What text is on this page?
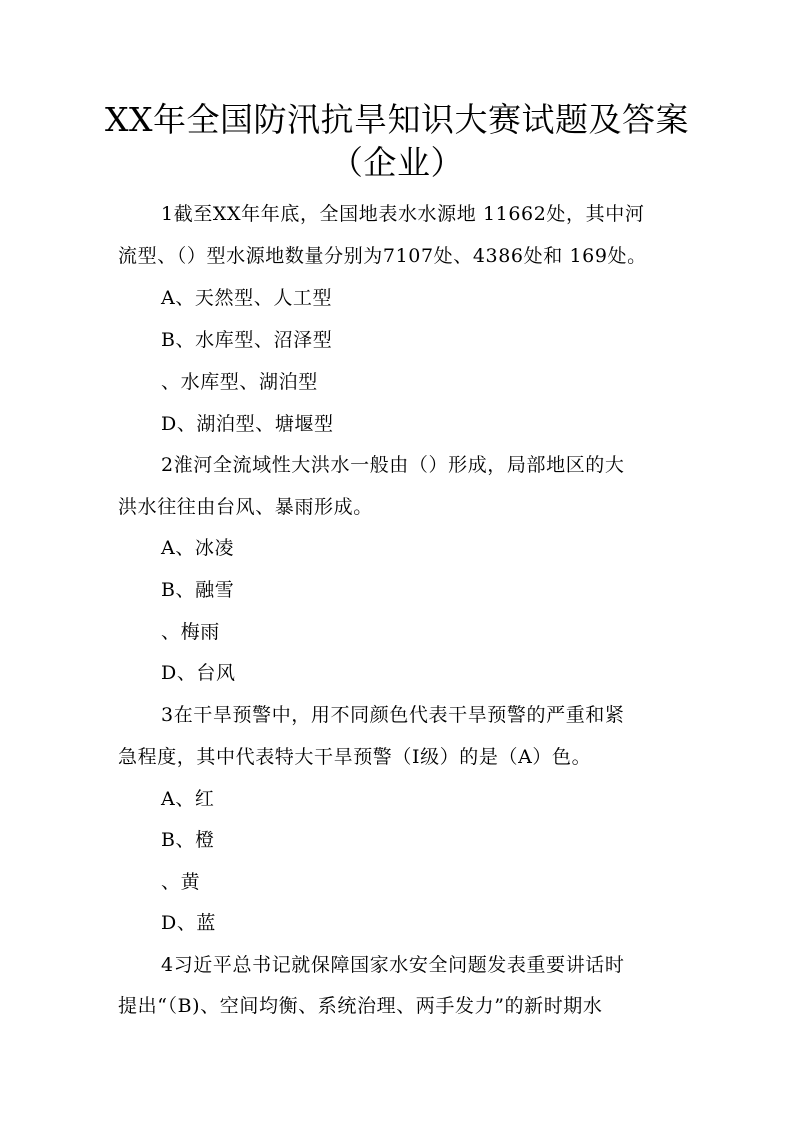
XX年全国防汛抗旱知识大赛试题及答案
（企业）
1截至XX年年底，全国地表水水源地 11662处，其中河
流型、（）型水源地数量分别为7107处、4386处和 169处。
A、天然型、人工型
B、水库型、沼泽型
、水库型、湖泊型
D、湖泊型、塘堰型
2淮河全流域性大洪水一般由（）形成，局部地区的大
洪水往往由台风、暴雨形成。
A、冰凌
B、融雪
、梅雨
D、台风
3在干旱预警中，用不同颜色代表干旱预警的严重和紧
急程度，其中代表特大干旱预警（Ⅰ级）的是（A）色。
A、红
B、橙
、黄
D、蓝
4习近平总书记就保障国家水安全问题发表重要讲话时
提出“（B)、空间均衡、系统治理、两手发力”的新时期水
